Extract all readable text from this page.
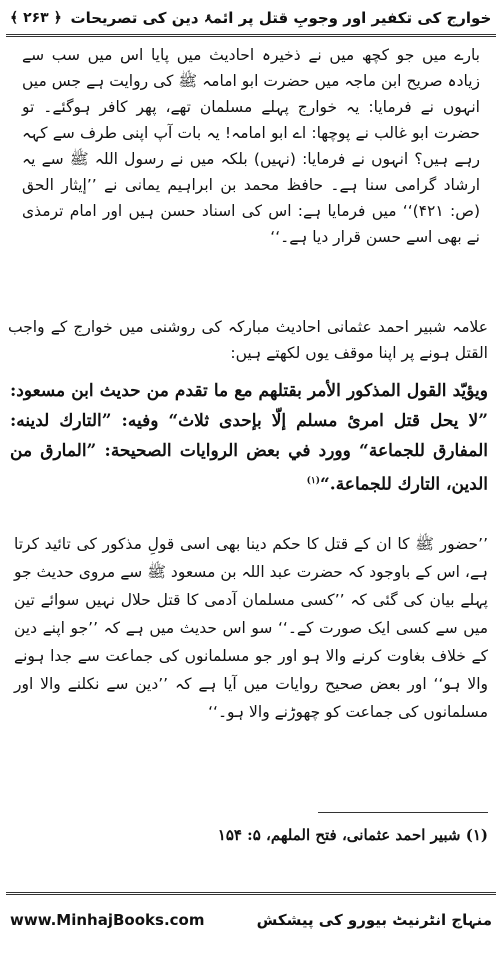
خوارج کی تکفیر اور وجوبِ قتل پر ائمۂ دین کی تصریحات
﴿ ۲۶۳ ﴾
بارے میں جو کچھ میں نے ذخیرہ احادیث میں پایا اس میں سب سے زیادہ صریح ابن ماجہ میں حضرت ابو امامہ ﷺ کی روایت ہے جس میں انہوں نے فرمایا: یہ خوارج پہلے مسلمان تھے، پھر کافر ہوگئے۔ تو حضرت ابو غالب نے پوچھا: اے ابو امامہ! یہ بات آپ اپنی طرف سے کہہ رہے ہیں؟ انہوں نے فرمایا: (نہیں) بلکہ میں نے رسول اللہ ﷺ سے یہ ارشاد گرامی سنا ہے۔ حافظ محمد بن ابراہیم یمانی نے ’’إیثار الحق (ص: ۴۲۱)‘‘ میں فرمایا ہے: اس کی اسناد حسن ہیں اور امام ترمذی نے بھی اسے حسن قرار دیا ہے۔‘‘
علامہ شبیر احمد عثمانی احادیث مبارکہ کی روشنی میں خوارج کے واجب القتل ہونے پر اپنا موقف یوں لکھتے ہیں:
ويؤيّد القول المذكور الأمر بقتلهم مع ما تقدم من حديث ابن مسعود: ”لا يحل قتل امرئ مسلم إلّا بإحدى ثلاث“ وفيه: ”التارك لدينه: المفارق للجماعة“ وورد في بعض الروايات الصحيحة: ”المارق من الدين، التارك للجماعة.“$^{(۱)}$
’’حضور ﷺ کا ان کے قتل کا حکم دینا بھی اسی قولِ مذکور کی تائید کرتا ہے، اس کے باوجود کہ حضرت عبد اللہ بن مسعود ﷺ سے مروی حدیث جو پہلے بیان کی گئی کہ ’’کسی مسلمان آدمی کا قتل حلال نہیں سوائے تین میں سے کسی ایک صورت کے۔‘‘ سو اس حدیث میں ہے کہ ’’جو اپنے دین کے خلاف بغاوت کرنے والا ہو اور جو مسلمانوں کی جماعت سے جدا ہونے والا ہو‘‘ اور بعض صحیح روایات میں آیا ہے کہ ’’دین سے نکلنے والا اور مسلمانوں کی جماعت کو چھوڑنے والا ہو۔‘‘
(۱) شبير احمد عثمانی، فتح الملهم، ۵: ۱۵۴
www.MinhajBooks.com	منہاج انٹرنیٹ بیورو کی پیشکش
